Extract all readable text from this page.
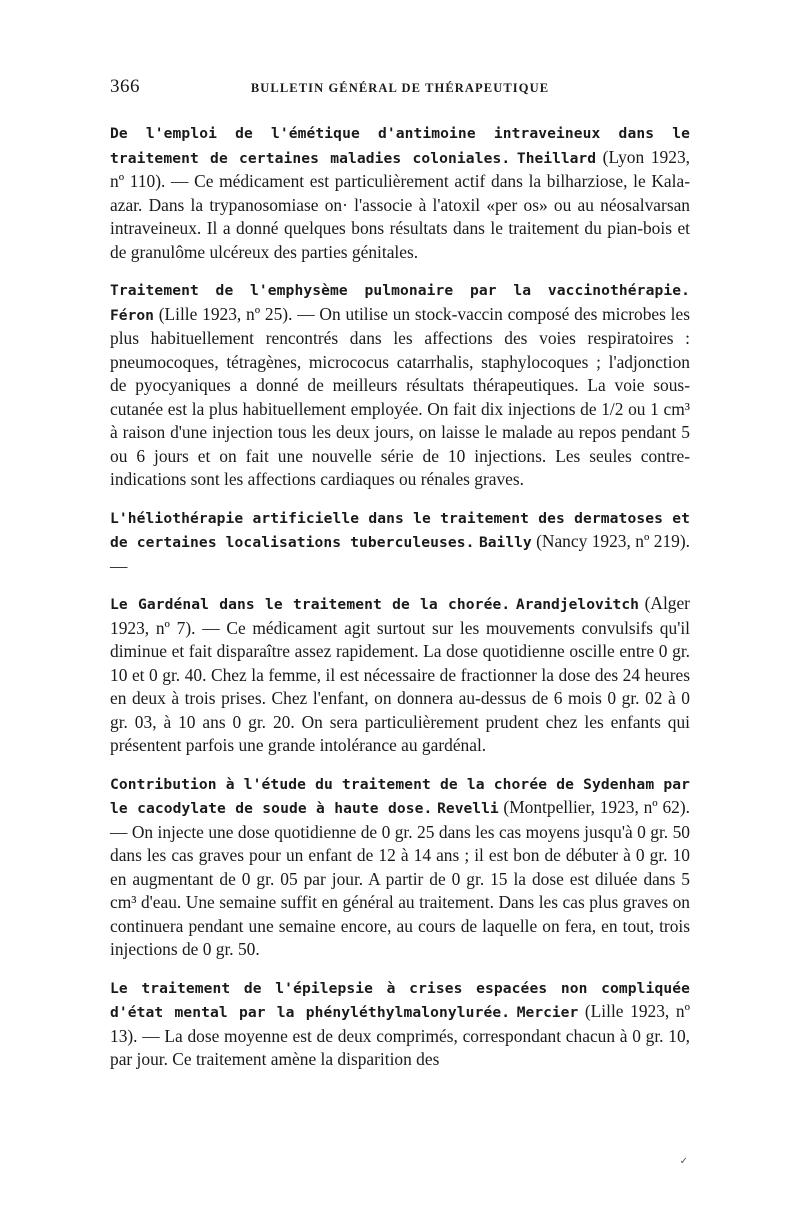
366	BULLETIN GÉNÉRAL DE THÉRAPEUTIQUE

De l'emploi de l'émétique d'antimoine intraveineux dans le traitement de certaines maladies coloniales. Theillard (Lyon 1923, nº 110). — Ce médicament est particulièrement actif dans la bilharziose, le Kala-azar. Dans la trypanosomiase on· l'associe à l'atoxil «per os» ou au néosalvarsan intraveineux. Il a donné quelques bons résultats dans le traitement du pian-bois et de granulôme ulcéreux des parties génitales.

Traitement de l'emphysème pulmonaire par la vaccinothérapie. Féron (Lille 1923, nº 25). — On utilise un stock-vaccin composé des microbes les plus habituellement rencontrés dans les affections des voies respiratoires : pneumocoques, tétragènes, micrococus catarrhalis, staphylocoques ; l'adjonction de pyocyaniques a donné de meilleurs résultats thérapeutiques. La voie sous-cutanée est la plus habituellement employée. On fait dix injections de 1/2 ou 1 cm³ à raison d'une injection tous les deux jours, on laisse le malade au repos pendant 5 ou 6 jours et on fait une nouvelle série de 10 injections. Les seules contre-indications sont les affections cardiaques ou rénales graves.

L'héliothérapie artificielle dans le traitement des dermatoses et de certaines localisations tuberculeuses. Bailly (Nancy 1923, nº 219). —

Le Gardénal dans le traitement de la chorée. Arandjelovitch (Alger 1923, nº 7). — Ce médicament agit surtout sur les mouvements convulsifs qu'il diminue et fait disparaître assez rapidement. La dose quotidienne oscille entre 0 gr. 10 et 0 gr. 40. Chez la femme, il est nécessaire de fractionner la dose des 24 heures en deux à trois prises. Chez l'enfant, on donnera au-dessus de 6 mois 0 gr. 02 à 0 gr. 03, à 10 ans 0 gr. 20. On sera particulièrement prudent chez les enfants qui présentent parfois une grande intolérance au gardénal.

Contribution à l'étude du traitement de la chorée de Sydenham par le cacodylate de soude à haute dose. Revelli (Montpellier, 1923, nº 62). — On injecte une dose quotidienne de 0 gr. 25 dans les cas moyens jusqu'à 0 gr. 50 dans les cas graves pour un enfant de 12 à 14 ans ; il est bon de débuter à 0 gr. 10 en augmentant de 0 gr. 05 par jour. A partir de 0 gr. 15 la dose est diluée dans 5 cm³ d'eau. Une semaine suffit en général au traitement. Dans les cas plus graves on continuera pendant une semaine encore, au cours de laquelle on fera, en tout, trois injections de 0 gr. 50.

Le traitement de l'épilepsie à crises espacées non compliquée d'état mental par la phényléthylmalonylurée. Mercier (Lille 1923, nº 13). — La dose moyenne est de deux comprimés, correspondant chacun à 0 gr. 10, par jour. Ce traitement amène la disparition des

✓
